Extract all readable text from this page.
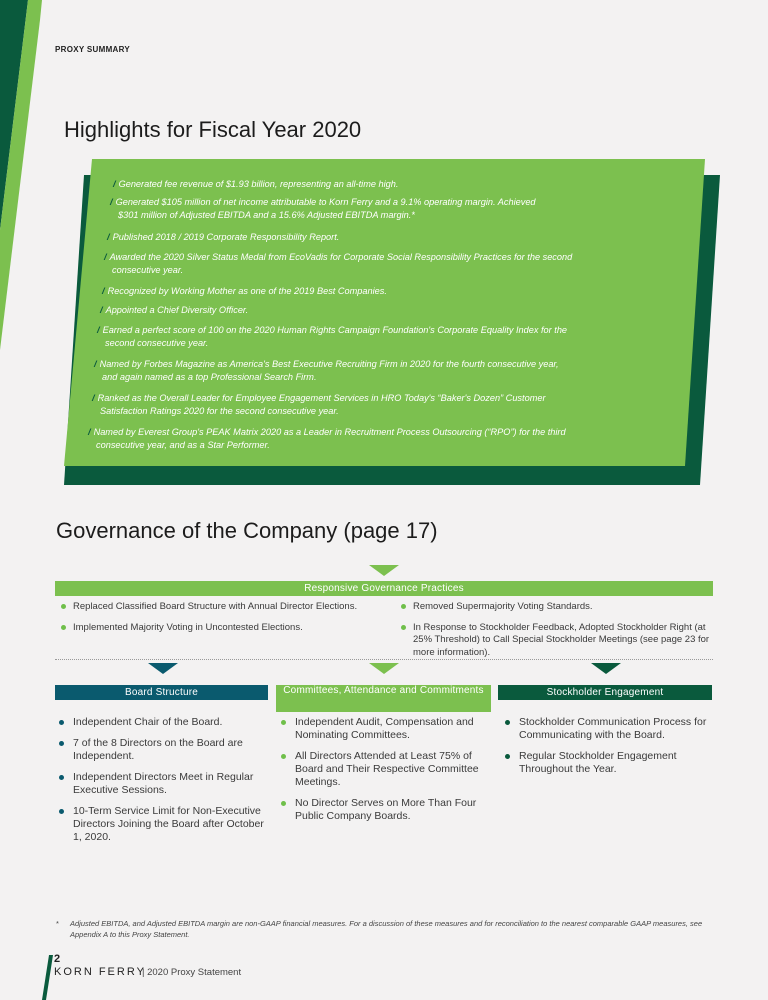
PROXY SUMMARY
Highlights for Fiscal Year 2020
/ Generated fee revenue of $1.93 billion, representing an all-time high.
/ Generated $105 million of net income attributable to Korn Ferry and a 9.1% operating margin. Achieved
$301 million of Adjusted EBITDA and a 15.6% Adjusted EBITDA margin.*
/ Published 2018 / 2019 Corporate Responsibility Report.
/ Awarded the 2020 Silver Status Medal from EcoVadis for Corporate Social Responsibility Practices for the second
consecutive year.
/ Recognized by Working Mother as one of the 2019 Best Companies.
/ Appointed a Chief Diversity Officer.
/ Earned a perfect score of 100 on the 2020 Human Rights Campaign Foundation's Corporate Equality Index for the
second consecutive year.
/ Named by Forbes Magazine as America's Best Executive Recruiting Firm in 2020 for the fourth consecutive year,
and again named as a top Professional Search Firm.
/ Ranked as the Overall Leader for Employee Engagement Services in HRO Today's “Baker's Dozen” Customer
Satisfaction Ratings 2020 for the second consecutive year.
/ Named by Everest Group's PEAK Matrix 2020 as a Leader in Recruitment Process Outsourcing (“RPO”) for the third
consecutive year, and as a Star Performer.
Governance of the Company (page 17)
Responsive Governance Practices
Replaced Classified Board Structure with Annual Director Elections.
Implemented Majority Voting in Uncontested Elections.
Removed Supermajority Voting Standards.
In Response to Stockholder Feedback, Adopted Stockholder Right (at 25% Threshold) to Call Special Stockholder Meetings (see page 23 for more information).
Board Structure	Committees, Attendance and Commitments	Stockholder Engagement
Independent Chair of the Board.
7 of the 8 Directors on the Board are Independent.
Independent Directors Meet in Regular Executive Sessions.
10-Term Service Limit for Non-Executive Directors Joining the Board after October 1, 2020.
Independent Audit, Compensation and Nominating Committees.
All Directors Attended at Least 75% of Board and Their Respective Committee Meetings.
No Director Serves on More Than Four Public Company Boards.
Stockholder Communication Process for Communicating with the Board.
Regular Stockholder Engagement Throughout the Year.
*	Adjusted EBITDA, and Adjusted EBITDA margin are non-GAAP financial measures. For a discussion of these measures and for reconciliation to the nearest comparable GAAP measures, see Appendix A to this Proxy Statement.
2
KORN FERRY
| 2020 Proxy Statement
